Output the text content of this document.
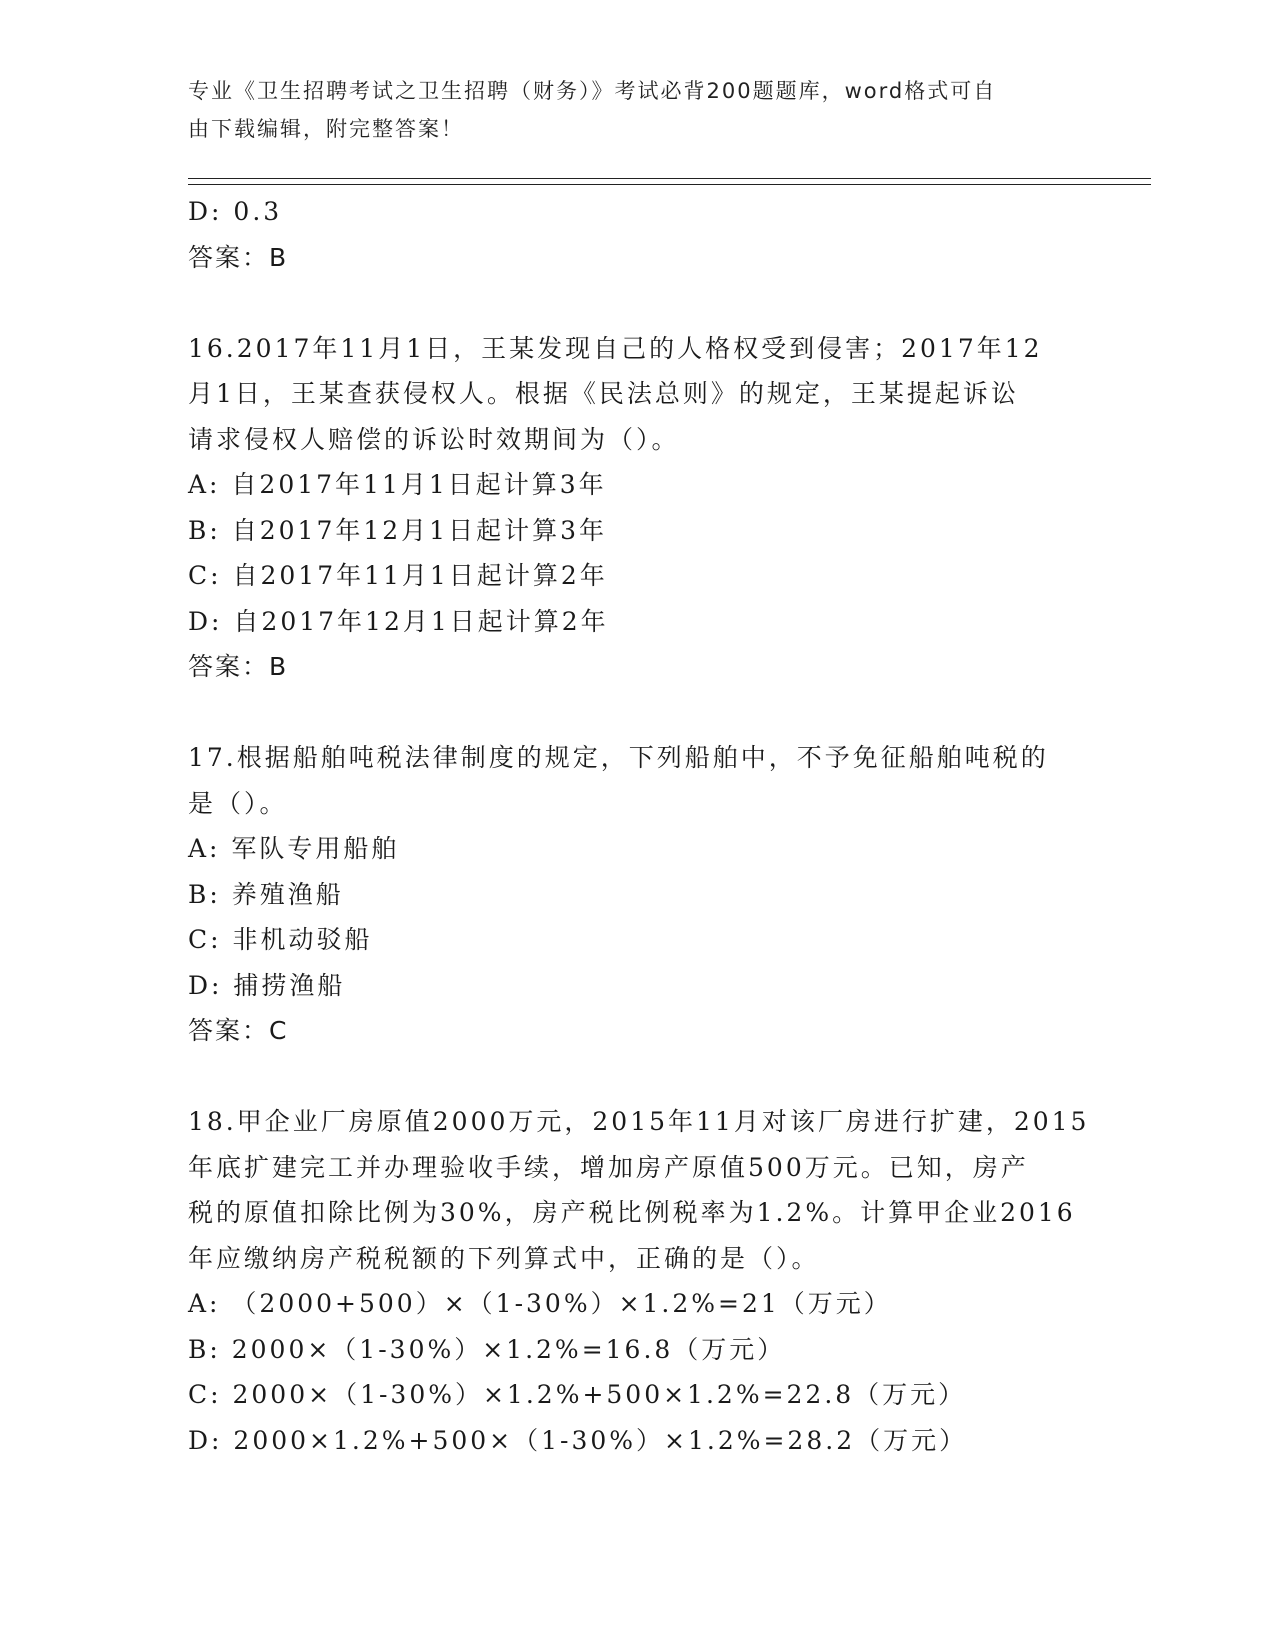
专业《卫生招聘考试之卫生招聘（财务）》考试必背200题题库，word格式可自
由下载编辑，附完整答案！
D: 0.3
答案：B
16.2017年11月1日，王某发现自己的人格权受到侵害；2017年12
月1日，王某查获侵权人。根据《民法总则》的规定，王某提起诉讼
请求侵权人赔偿的诉讼时效期间为（）。
A: 自2017年11月1日起计算3年
B: 自2017年12月1日起计算3年
C: 自2017年11月1日起计算2年
D: 自2017年12月1日起计算2年
答案：B
17.根据船舶吨税法律制度的规定，下列船舶中，不予免征船舶吨税的
是（）。
A: 军队专用船舶
B: 养殖渔船
C: 非机动驳船
D: 捕捞渔船
答案：C
18.甲企业厂房原值2000万元，2015年11月对该厂房进行扩建，2015
年底扩建完工并办理验收手续，增加房产原值500万元。已知，房产
税的原值扣除比例为30%，房产税比例税率为1.2%。计算甲企业2016
年应缴纳房产税税额的下列算式中，正确的是（）。
A: （2000+500）×（1-30%）×1.2%=21（万元）
B: 2000×（1-30%）×1.2%=16.8（万元）
C: 2000×（1-30%）×1.2%+500×1.2%=22.8（万元）
D: 2000×1.2%+500×（1-30%）×1.2%=28.2（万元）
